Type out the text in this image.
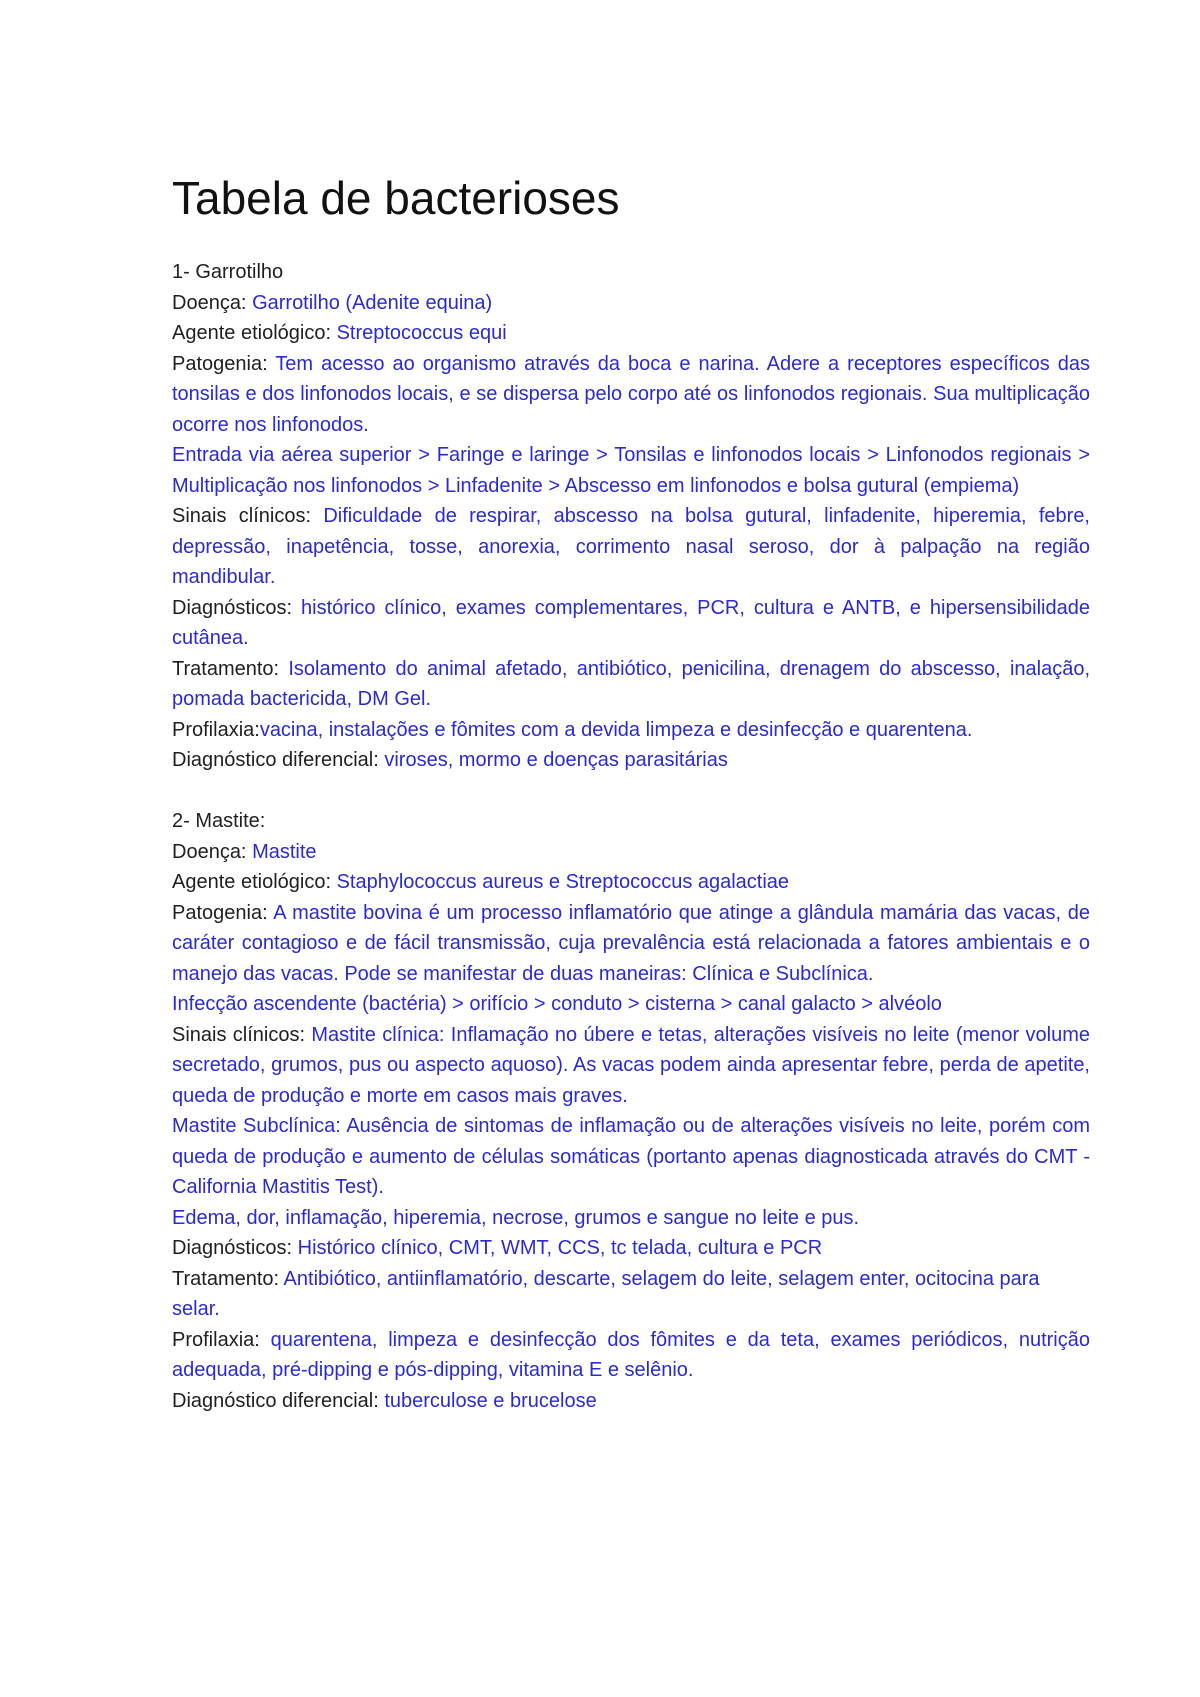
Tabela de bacterioses

1- Garrotilho

Doença: Garrotilho (Adenite equina)

Agente etiológico: Streptococcus equi

Patogenia: Tem acesso ao organismo através da boca e narina. Adere a receptores específicos das tonsilas e dos linfonodos locais, e se dispersa pelo corpo até os linfonodos regionais. Sua multiplicação ocorre nos linfonodos.

Entrada via aérea superior > Faringe e laringe > Tonsilas e linfonodos locais > Linfonodos regionais > Multiplicação nos linfonodos > Linfadenite > Abscesso em linfonodos e bolsa gutural (empiema)

Sinais clínicos: Dificuldade de respirar, abscesso na bolsa gutural, linfadenite, hiperemia, febre, depressão, inapetência, tosse, anorexia, corrimento nasal seroso, dor à palpação na região mandibular.

Diagnósticos: histórico clínico, exames complementares, PCR, cultura e ANTB, e hipersensibilidade cutânea.

Tratamento: Isolamento do animal afetado, antibiótico, penicilina, drenagem do abscesso, inalação, pomada bactericida, DM Gel.

Profilaxia:vacina, instalações e fômites com a devida limpeza e desinfecção e quarentena.

Diagnóstico diferencial: viroses, mormo e doenças parasitárias

2- Mastite:

Doença: Mastite

Agente etiológico: Staphylococcus aureus e Streptococcus agalactiae

Patogenia: A mastite bovina é um processo inflamatório que atinge a glândula mamária das vacas, de caráter contagioso e de fácil transmissão, cuja prevalência está relacionada a fatores ambientais e o manejo das vacas. Pode se manifestar de duas maneiras: Clínica e Subclínica.

Infecção ascendente (bactéria) > orifício > conduto > cisterna > canal galacto > alvéolo

Sinais clínicos: Mastite clínica: Inflamação no úbere e tetas, alterações visíveis no leite (menor volume secretado, grumos, pus ou aspecto aquoso). As vacas podem ainda apresentar febre, perda de apetite, queda de produção e morte em casos mais graves.

Mastite Subclínica: Ausência de sintomas de inflamação ou de alterações visíveis no leite, porém com queda de produção e aumento de células somáticas (portanto apenas diagnosticada através do CMT - California Mastitis Test).

Edema, dor, inflamação, hiperemia, necrose, grumos e sangue no leite e pus.

Diagnósticos: Histórico clínico, CMT, WMT, CCS, tc telada, cultura e PCR

Tratamento: Antibiótico, antiinflamatório, descarte, selagem do leite, selagem enter, ocitocina para selar.

Profilaxia: quarentena, limpeza e desinfecção dos fômites e da teta, exames periódicos, nutrição adequada, pré-dipping e pós-dipping, vitamina E e selênio.

Diagnóstico diferencial: tuberculose e brucelose
